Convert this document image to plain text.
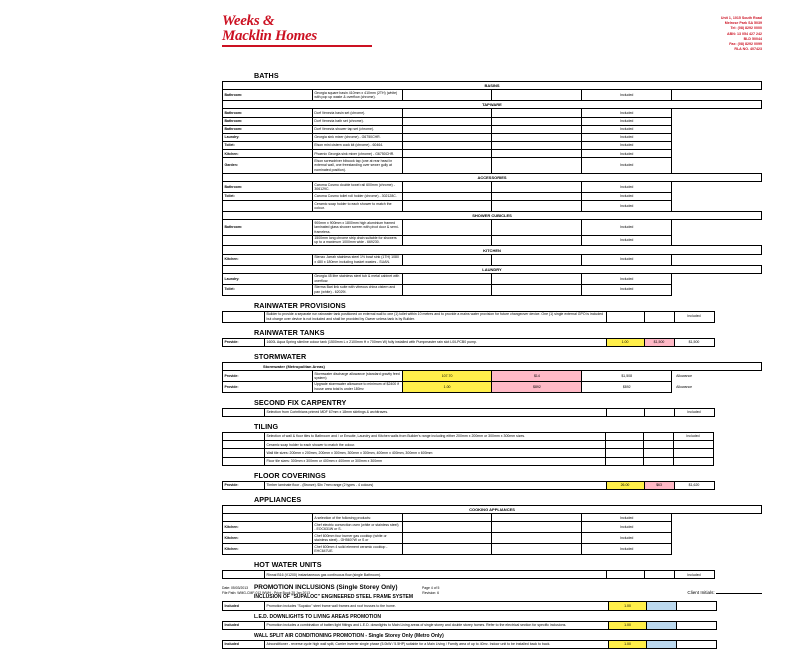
Weeks &
Macklin Homes
Unit 1, 1015 South Road
Melrose Park SA 5039
Tel: (08) 8292 0000
ABN: 13 054 427 242
BLD 50044
Fax: (08) 8292 0099
RLA NO. 407423
BATHS
BASINS					
Bathroom:	Georgia square basin 410mm x 410mm (2TH) (white) with pop up waste & overflow (chrome).			Included	
TAPWARE					
Bathroom:	Dorf Venezia basin set (chrome).			Included	
Bathroom:	Dorf Venezia bath set (chrome).			Included	
Bathroom:	Dorf Venezia shower tap set (chrome).			Included	
Laundry:	Georgia sink mixer (chrome) - G6750CHR.			Included	
Toilet:	Elson mini cistern cock kit (chrome) - 60464.			Included	
Kitchen:	Phoenix Georgia sink mixer (chrome) - G6750CHR.			Included	
Garden:	Elson screwdriver bibcock tap (one at rear head in external wall, one freestanding over sewer gully at nominated position).			Included	
ACCESSORIES					
Bathroom:	Caroma Cosmo double towel rail 600mm (chrome) - 306129C.			Included	
Toilet:	Caroma Cosmo toilet roll holder (chrome) - 302128C.			Included	
	Ceramic soap holder to each shower to match the colour.			Included	
SHOWER CUBICLES					
Bathroom:	900mm x 900mm x 1800mm high aluminium framed laminated glass shower screen with pivot door & semi-frameless.			Included	
	1500mm long chrome strip drain suitable for showers up to a maximum 1000mm wide - 669230.			Included	
KITCHEN					
Kitchen:	Stenzo Jarrah stainless steel 1½ bowl sink (1TH) 1080 x 480 x 180mm including basket wastes - SUAN.			Included	
LAUNDRY					
Laundry:	Georgia 45 litre stainless steel tub & metal cabinet with overflow.			Included	
Toilet:	Sterma Bari link suite with vitreous china cistern and pan (white) - 62029I.			Included	
RAINWATER PROVISIONS
	Builder to provide a separate run rainwater tank positioned on external wall to one (1) toilet within 10 metres and to provide a mains water provision for future changeover device. One (1) single external GPO is included but charge over device is not included and shall be provided by Owner unless tank is by Builder.			Included	
RAINWATER TANKS
Provide:	1600L Aqua Spring slimline colour tank (1500mm L x 2100mm H x 700mm W) fully installed with Pumpmaster rain slot L0/LPCB0 pump.	1.00	$1,500	$1,500	
STORMWATER
Stormwater (Metropolitan Areas)					
Provide:	Stormwater discharge allowance (standard gravity feed system)	107.70	$14	$1,508	Allowance
Provide:	Upgrade stormwater allowance to minimum of $2400 if house area total is under 180m²	1.00	$892	$892	Allowance
SECOND FIX CARPENTRY
	Selection from Corinthians primed MDF 67mm x 18mm skirtings & architraves.			Included	
TILING
	Selection of wall & floor tiles to Bathroom and / or Ensuite, Laundry and Kitchen walls from Builder's range including either 200mm x 200mm or 300mm x 300mm sizes.			Included	
	Ceramic soap holder to each shower to match the colour.				
	Wall tile sizes: 200mm x 200mm, 200mm x 300mm, 300mm x 300mm, 400mm x 400mm, 300mm x 600mm				
	Floor tile sizes: 300mm x 300mm or 400mm x 400mm or 300mm x 300mm				
FLOOR COVERINGS
Provide:	Timber laminate floor - (Bronze) /Dix 7mm range (2 types - 4 colours)	26.00	$63	$1,620	
APPLIANCES
COOKING APPLIANCES					
	A selection of the following products:			Included	
Kitchen:	Chef electric convection oven (white or stainless steel) - EOC631W or S.			Included	
Kitchen:	Chef 600mm four burner gas cooktop (white or stainless steel) - GH560?W or S or			Included	
Kitchen:	Chef 600mm 4 solid element ceramic cooktop - EHC647UE.			Included	
HOT WATER UNITS
	Rinnai B16 (V1200) instantaneous gas continuous flow (single Bathroom).			Included	
PROMOTION INCLUSIONS (Single Storey Only)
INCLUSION OF "SUPALOC" ENGINEERED STEEL FRAME SYSTEM
Included	Promotion includes "Supaloc" steel frame wall frames and roof trusses to the home.	1.00			
L.E.D. DOWNLIGHTS TO LIVING AREAS PROMOTION
Included	Promotion includes a combination of batten light fittings and L.E.D. downlights to Main Living areas of single storey and double storey homes. Refer to the electrical section for specific inclusions.	1.00			
WALL SPLIT AIR CONDITIONING PROMOTION - Single Storey Only (Metro Only)
Included	Airconditioner - reverse cycle high wall split, Carrier inverter single phase (5.0kW / 5.5HP) suitable for a Main Living / Family area of up to 40m². Indoor unit to be installed back to back.	1.00			
Date: 05/03/2013
File Path: WMG-CMF-012 WWH - Price Book 25 Jan 2013
Page 4 of 5
Revision: 6	Client Initials:
